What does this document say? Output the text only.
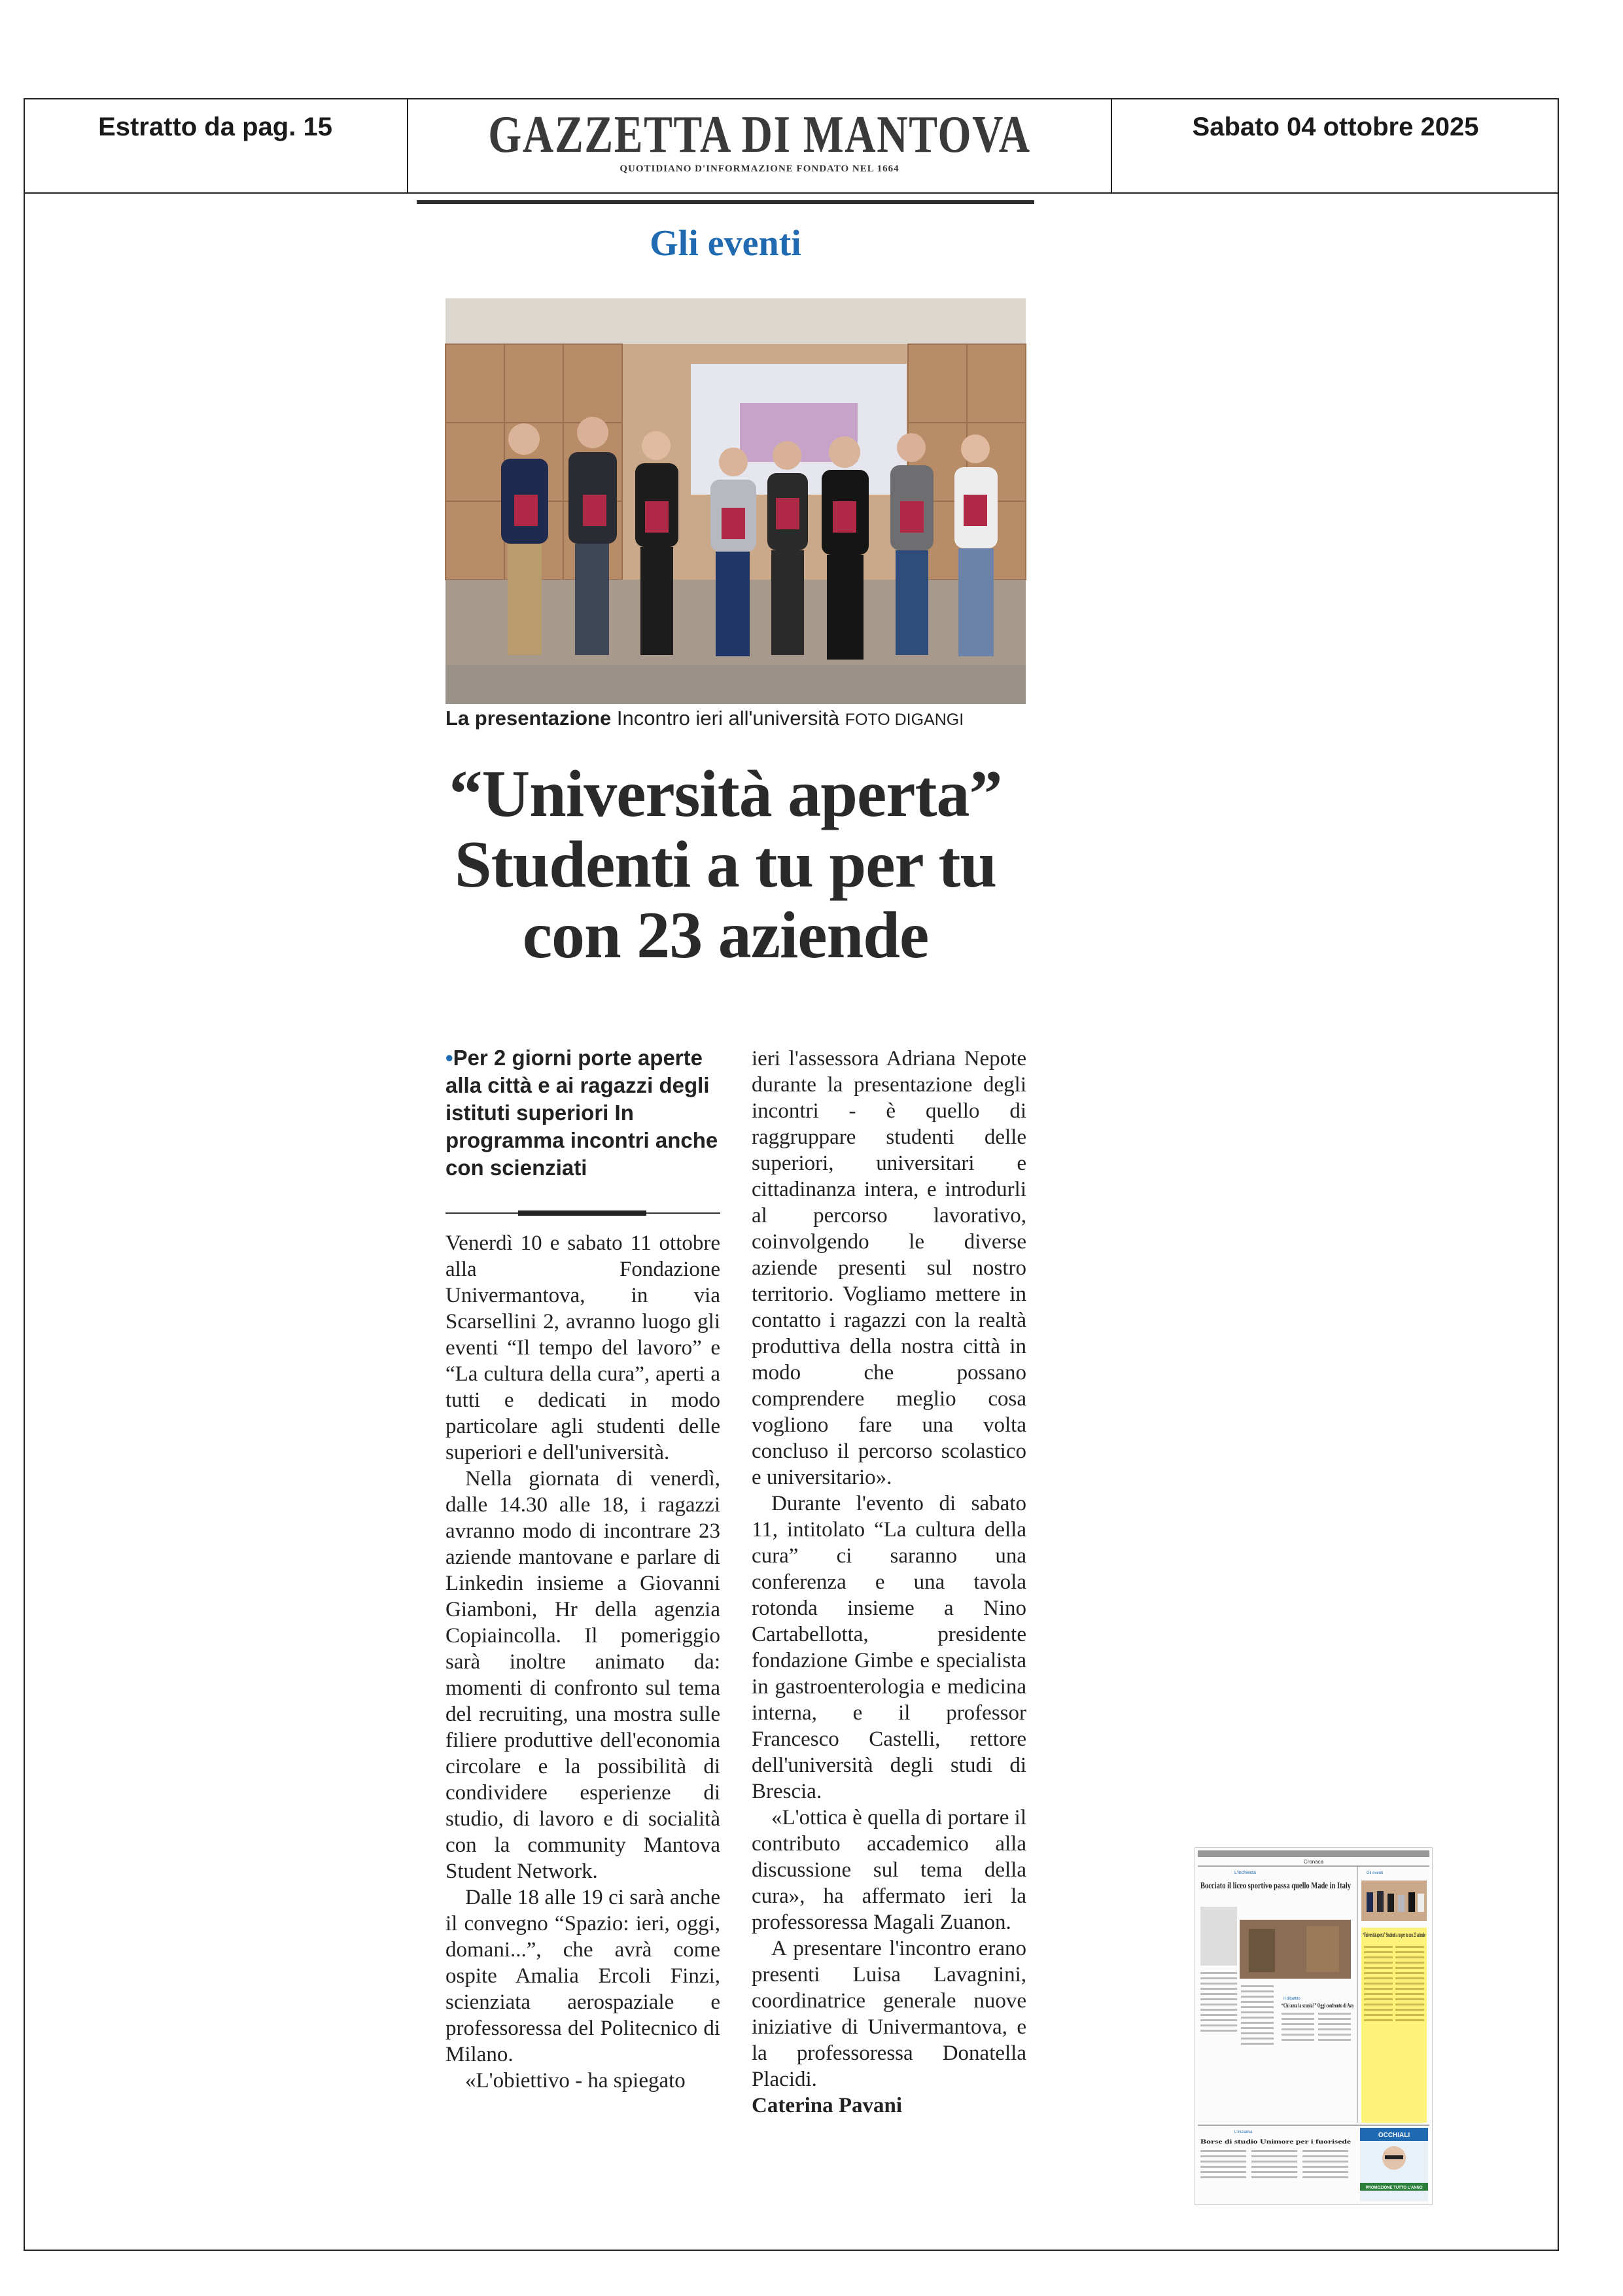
Estratto da pag. 15	GAZZETTA DI MANTOVA
QUOTIDIANO D'INFORMAZIONE FONDATO NEL 1664
Sabato 04 ottobre 2025
Gli eventi
La presentazione Incontro ieri all'università FOTO DIGANGI
“Università aperta”
Studenti a tu per tu
con 23 aziende
•Per 2 giorni porte aperte alla città e ai ragazzi degli istituti superiori In programma incontri anche con scienziati

Venerdì 10 e sabato 11 ottobre alla Fondazione Univermantova, in via Scarsellini 2, avranno luogo gli eventi “Il tempo del lavoro” e “La cultura della cura”, aperti a tutti e dedicati in modo particolare agli studenti delle superiori e dell'università.

Nella giornata di venerdì, dalle 14.30 alle 18, i ragazzi avranno modo di incontrare 23 aziende mantovane e parlare di Linkedin insieme a Giovanni Giamboni, Hr della agenzia Copiaincolla. Il pomeriggio sarà inoltre animato da: momenti di confronto sul tema del recruiting, una mostra sulle filiere produttive dell'economia circolare e la possibilità di condividere esperienze di studio, di lavoro e di socialità con la community Mantova Student Network.

Dalle 18 alle 19 ci sarà anche il convegno “Spazio: ieri, oggi, domani...”, che avrà come ospite Amalia Ercoli Finzi, scienziata aerospaziale e professoressa del Politecnico di Milano.

«L'obiettivo - ha spiegato

ieri l'assessora Adriana Nepote durante la presentazione degli incontri - è quello di raggruppare studenti delle superiori, universitari e cittadinanza intera, e introdurli al percorso lavorativo, coinvolgendo le diverse aziende presenti sul nostro territorio. Vogliamo mettere in contatto i ragazzi con la realtà produttiva della nostra città in modo che possano comprendere meglio cosa vogliono fare una volta concluso il percorso scolastico e universitario».

Durante l'evento di sabato 11, intitolato “La cultura della cura” ci saranno una conferenza e una tavola rotonda insieme a Nino Cartabellotta, presidente fondazione Gimbe e specialista in gastroenterologia e medicina interna, e il professor Francesco Castelli, rettore dell'università degli studi di Brescia.

«L'ottica è quella di portare il contributo accademico alla discussione sul tema della cura», ha affermato ieri la professoressa Magali Zuanon.

A presentare l'incontro erano presenti Luisa Lavagnini, coordinatrice generale nuove iniziative di Univermantova, e la professoressa Donatella Placidi.

Caterina Pavani

Cronaca
L'inchiesta
Bocciato il liceo sportivo passa quello Made in Italy
Il dibattito
“Chi ama la scuola?” Oggi confronto di Ava
Gli eventi
“Università aperta” Studenti a tu per tu con 23 aziende
L'iniziativa
Borse di studio Unimore per i fuorisede
OCCHIALI
PROMOZIONE TUTTO L'ANNO
